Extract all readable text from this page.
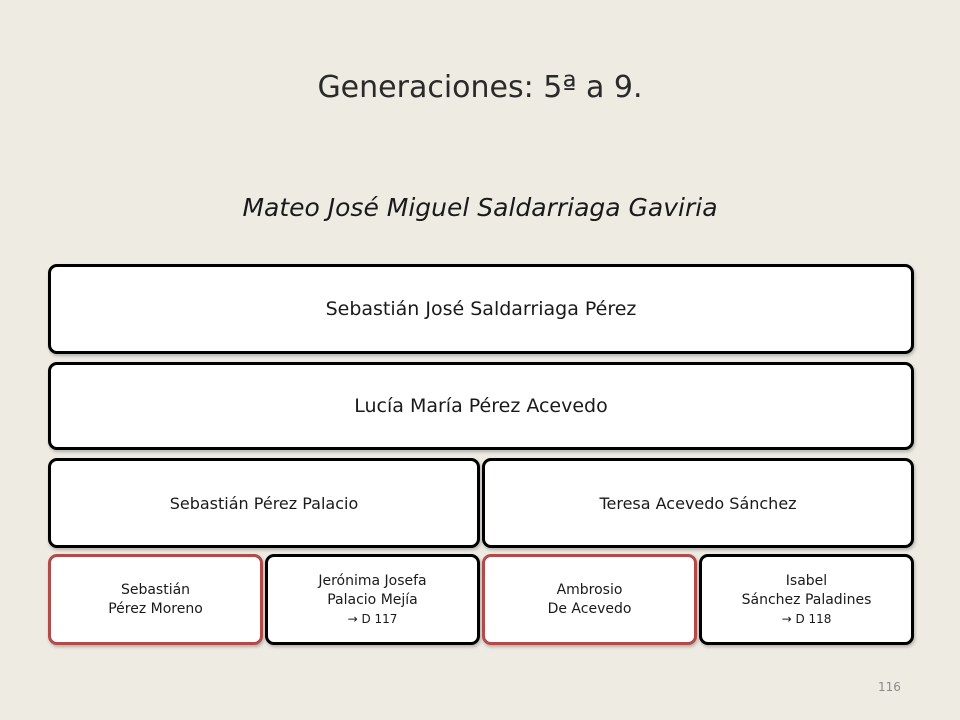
Generaciones: 5ª a 9.
Mateo José Miguel Saldarriaga Gaviria
Sebastián José Saldarriaga Pérez
Lucía María Pérez Acevedo
Sebastián Pérez Palacio	Teresa Acevedo Sánchez
Sebastián
Pérez Moreno
Jerónima Josefa
Palacio Mejía
→ D 117
Ambrosio
De Acevedo
Isabel
Sánchez Paladines
→ D 118
116
